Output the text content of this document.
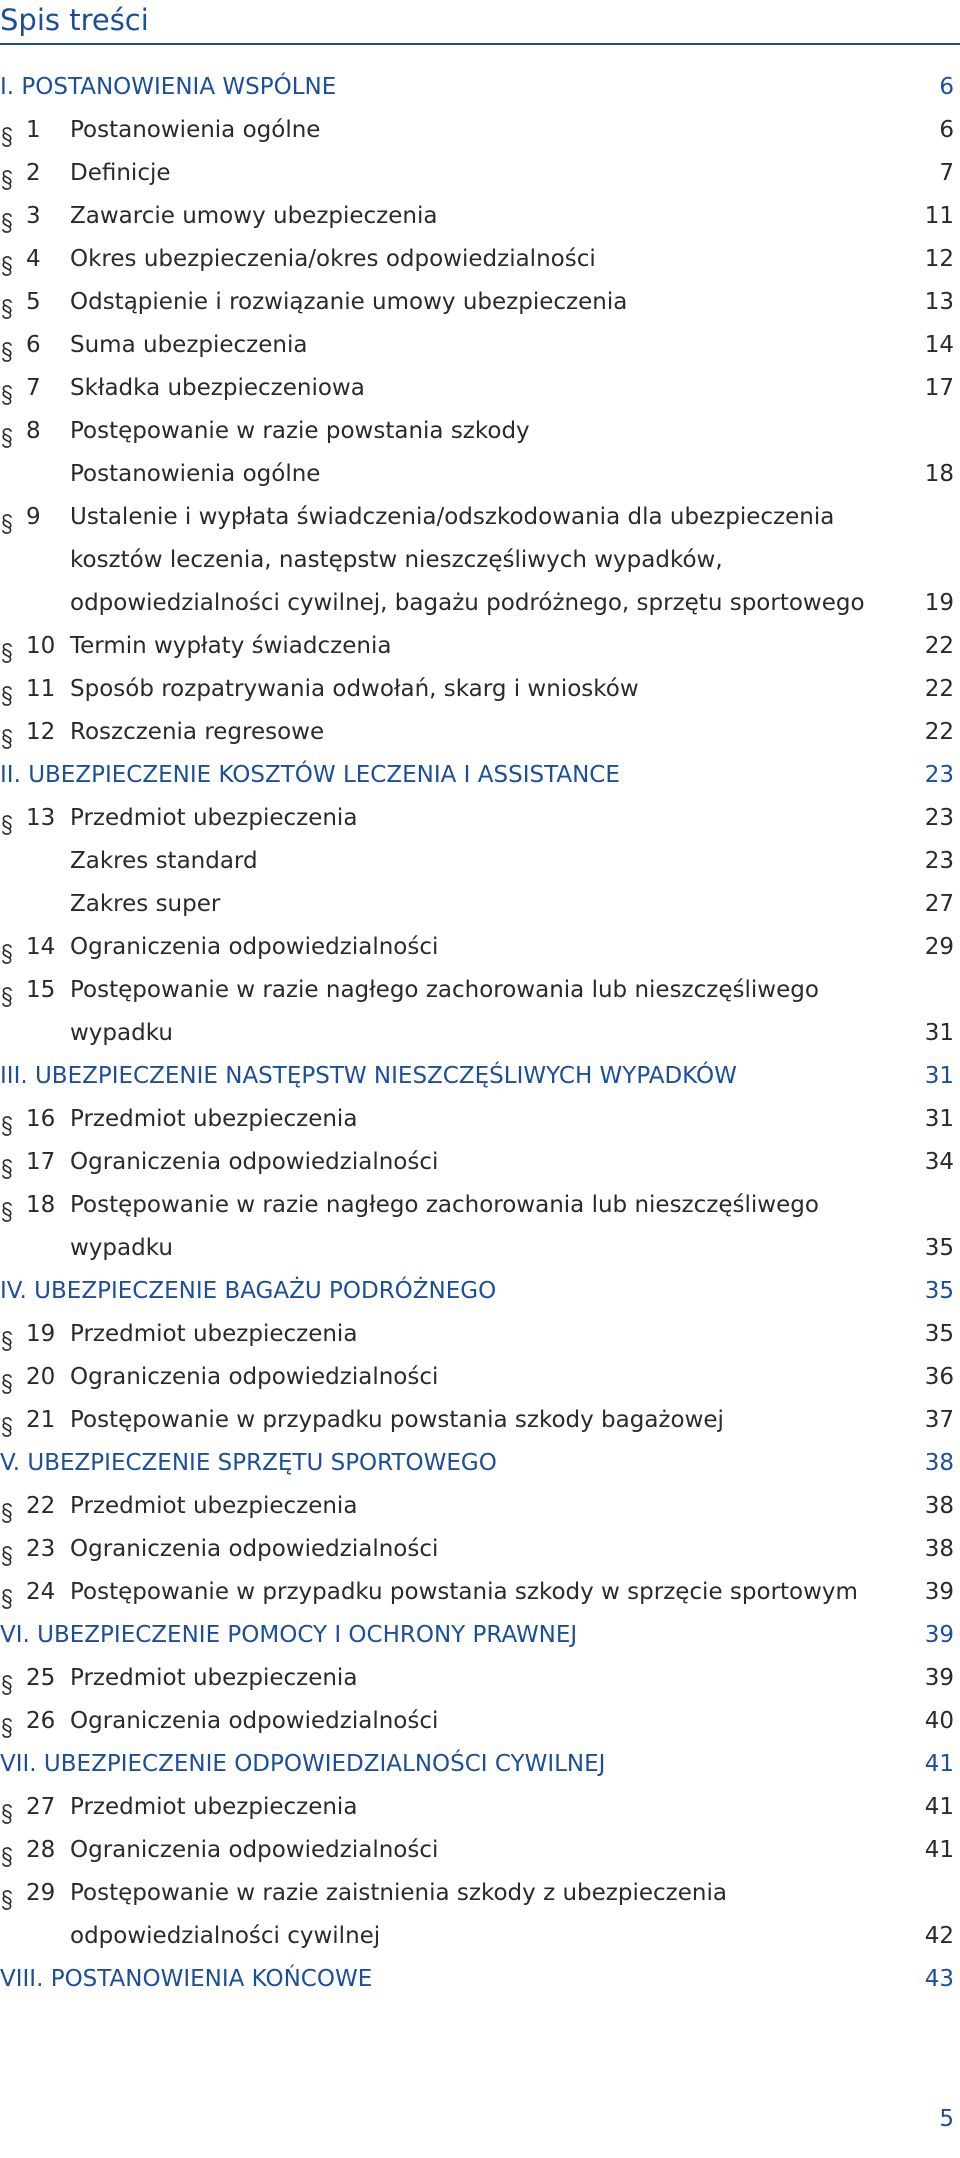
Spis treści
I. POSTANOWIENIA WSPÓLNE	6
1 Postanowienia ogólne	6
2 Definicje	7
3 Zawarcie umowy ubezpieczenia	11
4 Okres ubezpieczenia/okres odpowiedzialności	12
5 Odstąpienie i rozwiązanie umowy ubezpieczenia	13
6 Suma ubezpieczenia	14
7 Składka ubezpieczeniowa	17
8 Postępowanie w razie powstania szkody
Postanowienia ogólne	18
9 Ustalenie i wypłata świadczenia/odszkodowania dla ubezpieczenia
kosztów leczenia, następstw nieszczęśliwych wypadków,
odpowiedzialności cywilnej, bagażu podróżnego, sprzętu sportowego	19
10 Termin wypłaty świadczenia	22
11 Sposób rozpatrywania odwołań, skarg i wniosków	22
12 Roszczenia regresowe	22
II. UBEZPIECZENIE KOSZTÓW LECZENIA I ASSISTANCE	23
13 Przedmiot ubezpieczenia	23
Zakres standard	23
Zakres super	27
14 Ograniczenia odpowiedzialności	29
15 Postępowanie w razie nagłego zachorowania lub nieszczęśliwego
wypadku	31
III. UBEZPIECZENIE NASTĘPSTW NIESZCZĘŚLIWYCH WYPADKÓW	31
16 Przedmiot ubezpieczenia	31
17 Ograniczenia odpowiedzialności	34
18 Postępowanie w razie nagłego zachorowania lub nieszczęśliwego
wypadku	35
IV. UBEZPIECZENIE BAGAŻU PODRÓŻNEGO	35
19 Przedmiot ubezpieczenia	35
20 Ograniczenia odpowiedzialności	36
21 Postępowanie w przypadku powstania szkody bagażowej	37
V. UBEZPIECZENIE SPRZĘTU SPORTOWEGO	38
22 Przedmiot ubezpieczenia	38
23 Ograniczenia odpowiedzialności	38
24 Postępowanie w przypadku powstania szkody w sprzęcie sportowym	39
VI. UBEZPIECZENIE POMOCY I OCHRONY PRAWNEJ	39
25 Przedmiot ubezpieczenia	39
26 Ograniczenia odpowiedzialności	40
VII. UBEZPIECZENIE ODPOWIEDZIALNOŚCI CYWILNEJ	41
27 Przedmiot ubezpieczenia	41
28 Ograniczenia odpowiedzialności	41
29 Postępowanie w razie zaistnienia szkody z ubezpieczenia
odpowiedzialności cywilnej	42
VIII. POSTANOWIENIA KOŃCOWE	43
5
